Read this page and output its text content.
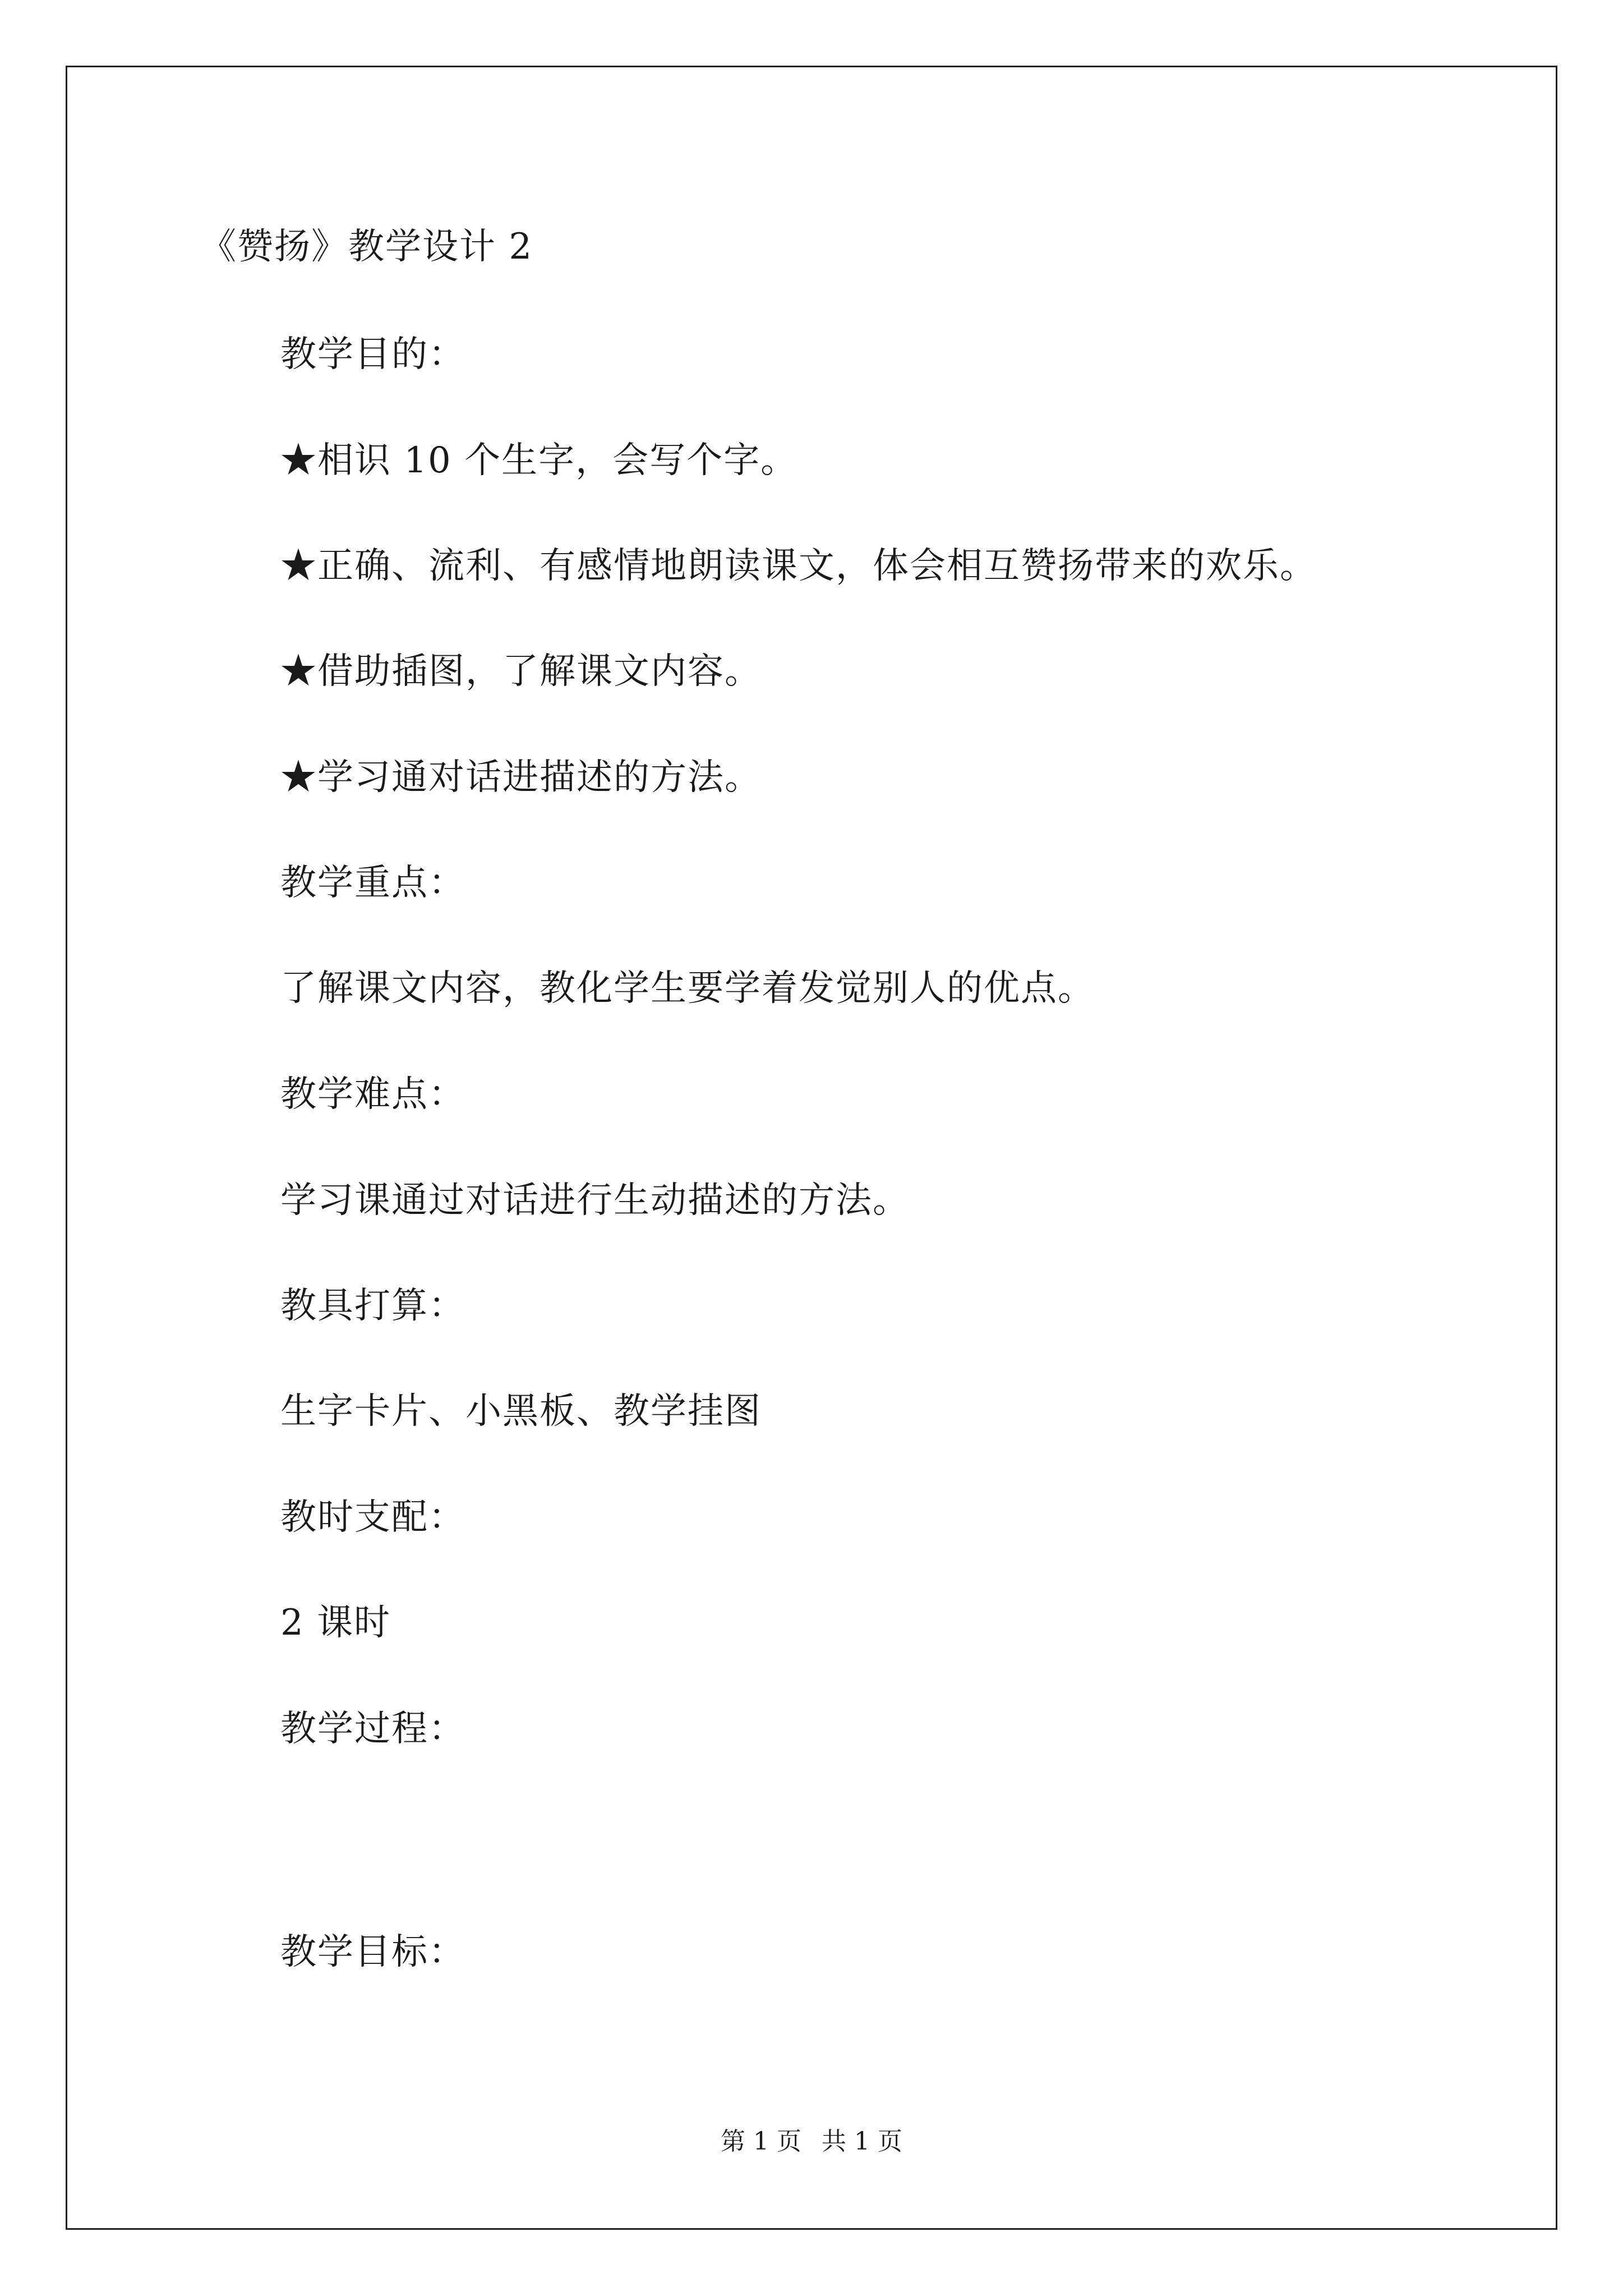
《赞扬》教学设计 2
教学目的：
★相识 10 个生字，会写个字。
★正确、流利、有感情地朗读课文，体会相互赞扬带来的欢乐。
★借助插图，了解课文内容。
★学习通对话进描述的方法。
教学重点：
了解课文内容，教化学生要学着发觉别人的优点。
教学难点：
学习课通过对话进行生动描述的方法。
教具打算：
生字卡片、小黑板、教学挂图
教时支配：
2 课时
教学过程：
教学目标：
第 1 页 共 1 页
